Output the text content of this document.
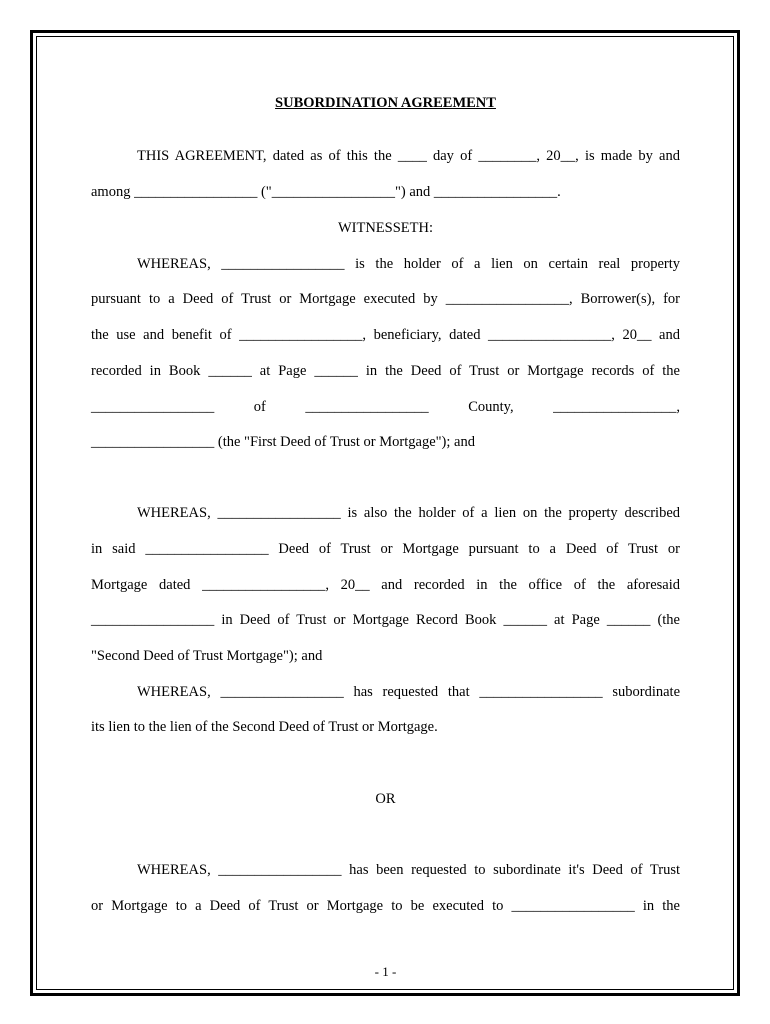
SUBORDINATION AGREEMENT
THIS AGREEMENT, dated as of this the ____ day of ________, 20__, is made by and
among _________________ ("_________________") and _________________.
WITNESSETH:
WHEREAS, _________________ is the holder of a lien on certain real property
pursuant to a Deed of Trust or Mortgage executed by _________________, Borrower(s), for
the use and benefit of _________________, beneficiary, dated _________________, 20__ and
recorded in Book ______ at Page ______ in the Deed of Trust or Mortgage records of the
_________________ of _________________ County, _________________,
_________________ (the "First Deed of Trust or Mortgage"); and
WHEREAS, _________________ is also the holder of a lien on the property described
in said _________________ Deed of Trust or Mortgage pursuant to a Deed of Trust or
Mortgage dated _________________, 20__ and recorded in the office of the aforesaid
_________________ in Deed of Trust or Mortgage Record Book ______ at Page ______ (the
"Second Deed of Trust Mortgage"); and
WHEREAS, _________________ has requested that _________________ subordinate
its lien to the lien of the Second Deed of Trust or Mortgage.
OR
WHEREAS, _________________ has been requested to subordinate it's Deed of Trust
or Mortgage to a Deed of Trust or Mortgage to be executed to _________________ in the
- 1 -
